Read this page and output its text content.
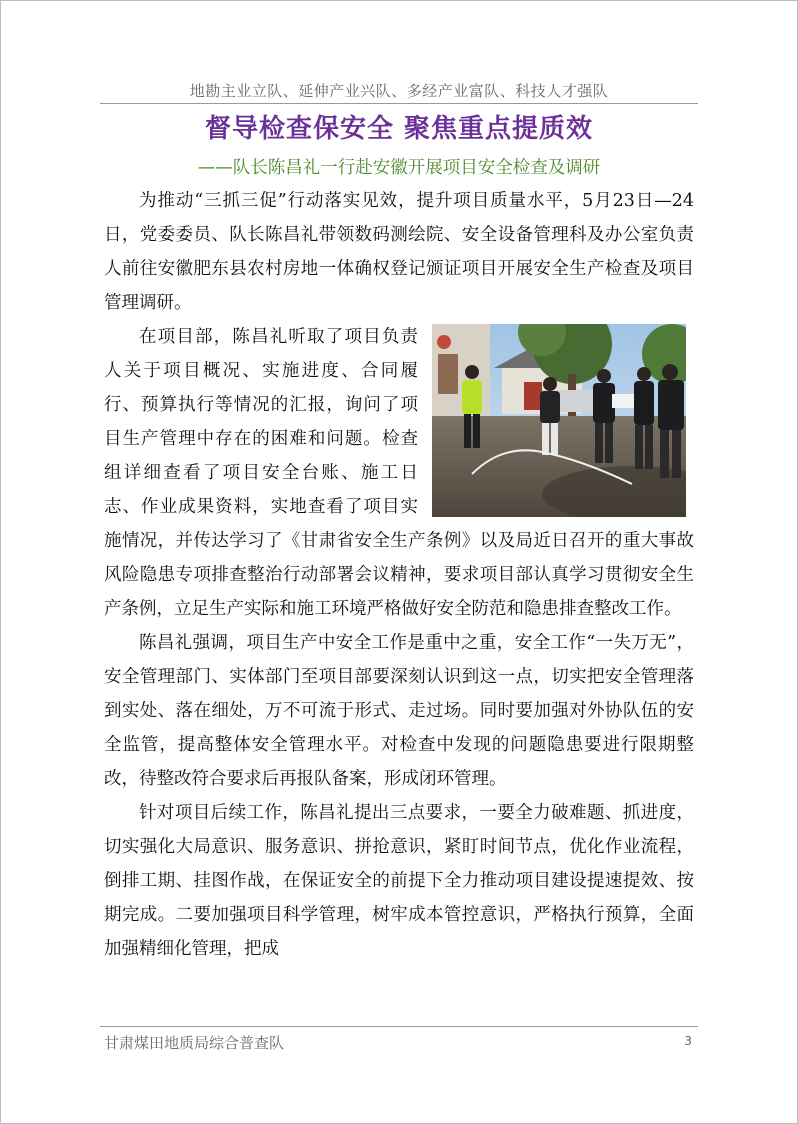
地勘主业立队、延伸产业兴队、多经产业富队、科技人才强队
督导检查保安全 聚焦重点提质效
——队长陈昌礼一行赴安徽开展项目安全检查及调研

为推动“三抓三促”行动落实见效，提升项目质量水平，5月23日—24日，党委委员、队长陈昌礼带领数码测绘院、安全设备管理科及办公室负责人前往安徽肥东县农村房地一体确权登记颁证项目开展安全生产检查及项目管理调研。

在项目部，陈昌礼听取了项目负责人关于项目概况、实施进度、合同履行、预算执行等情况的汇报，询问了项目生产管理中存在的困难和问题。检查组详细查看了项目安全台账、施工日志、作业成果资料，实地查看了项目实施情况，并传达学习了《甘肃省安全生产条例》以及局近日召开的重大事故风险隐患专项排查整治行动部署会议精神，要求项目部认真学习贯彻安全生产条例，立足生产实际和施工环境严格做好安全防范和隐患排查整改工作。

陈昌礼强调，项目生产中安全工作是重中之重，安全工作“一失万无”，安全管理部门、实体部门至项目部要深刻认识到这一点，切实把安全管理落到实处、落在细处，万不可流于形式、走过场。同时要加强对外协队伍的安全监管，提高整体安全管理水平。对检查中发现的问题隐患要进行限期整改，待整改符合要求后再报队备案，形成闭环管理。

针对项目后续工作，陈昌礼提出三点要求，一要全力破难题、抓进度，切实强化大局意识、服务意识、拼抢意识，紧盯时间节点，优化作业流程，倒排工期、挂图作战，在保证安全的前提下全力推动项目建设提速提效、按期完成。二要加强项目科学管理，树牢成本管控意识，严格执行预算，全面加强精细化管理，把成

甘肃煤田地质局综合普查队	3
